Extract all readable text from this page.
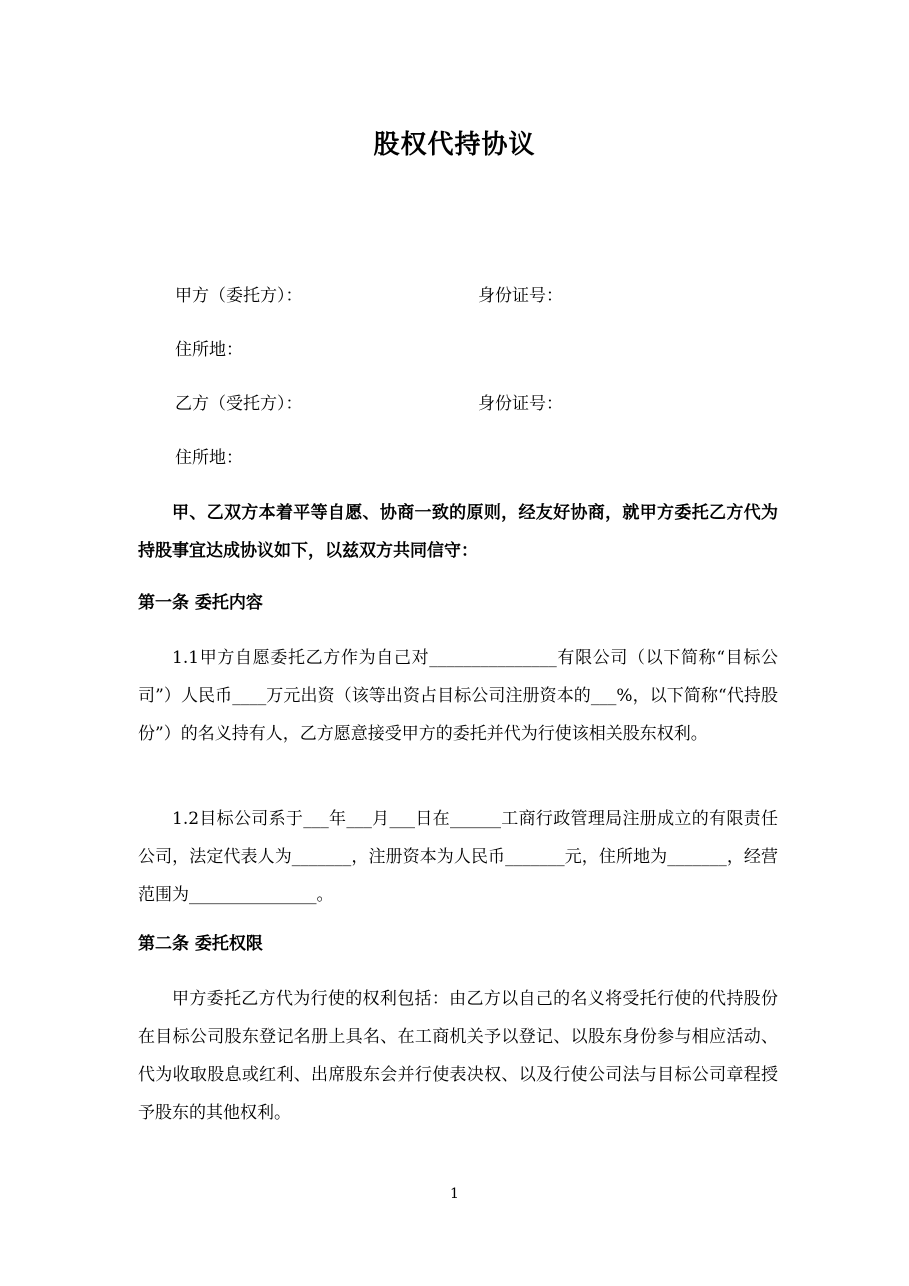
股权代持协议
甲方（委托方）：	身份证号：
住所地：
乙方（受托方）：	身份证号：
住所地：
甲、乙双方本着平等自愿、协商一致的原则，经友好协商，就甲方委托乙方代为持股事宜达成协议如下，以兹双方共同信守：
第一条 委托内容
1.1甲方自愿委托乙方作为自己对_______________有限公司（以下简称“目标公司”）人民币____万元出资（该等出资占目标公司注册资本的___%，以下简称“代持股份”）的名义持有人，乙方愿意接受甲方的委托并代为行使该相关股东权利。
1.2目标公司系于___年___月___日在______工商行政管理局注册成立的有限责任公司，法定代表人为_______，注册资本为人民币_______元，住所地为_______，经营范围为_______________。
第二条 委托权限
甲方委托乙方代为行使的权利包括：由乙方以自己的名义将受托行使的代持股份在目标公司股东登记名册上具名、在工商机关予以登记、以股东身份参与相应活动、代为收取股息或红利、出席股东会并行使表决权、以及行使公司法与目标公司章程授予股东的其他权利。
1
